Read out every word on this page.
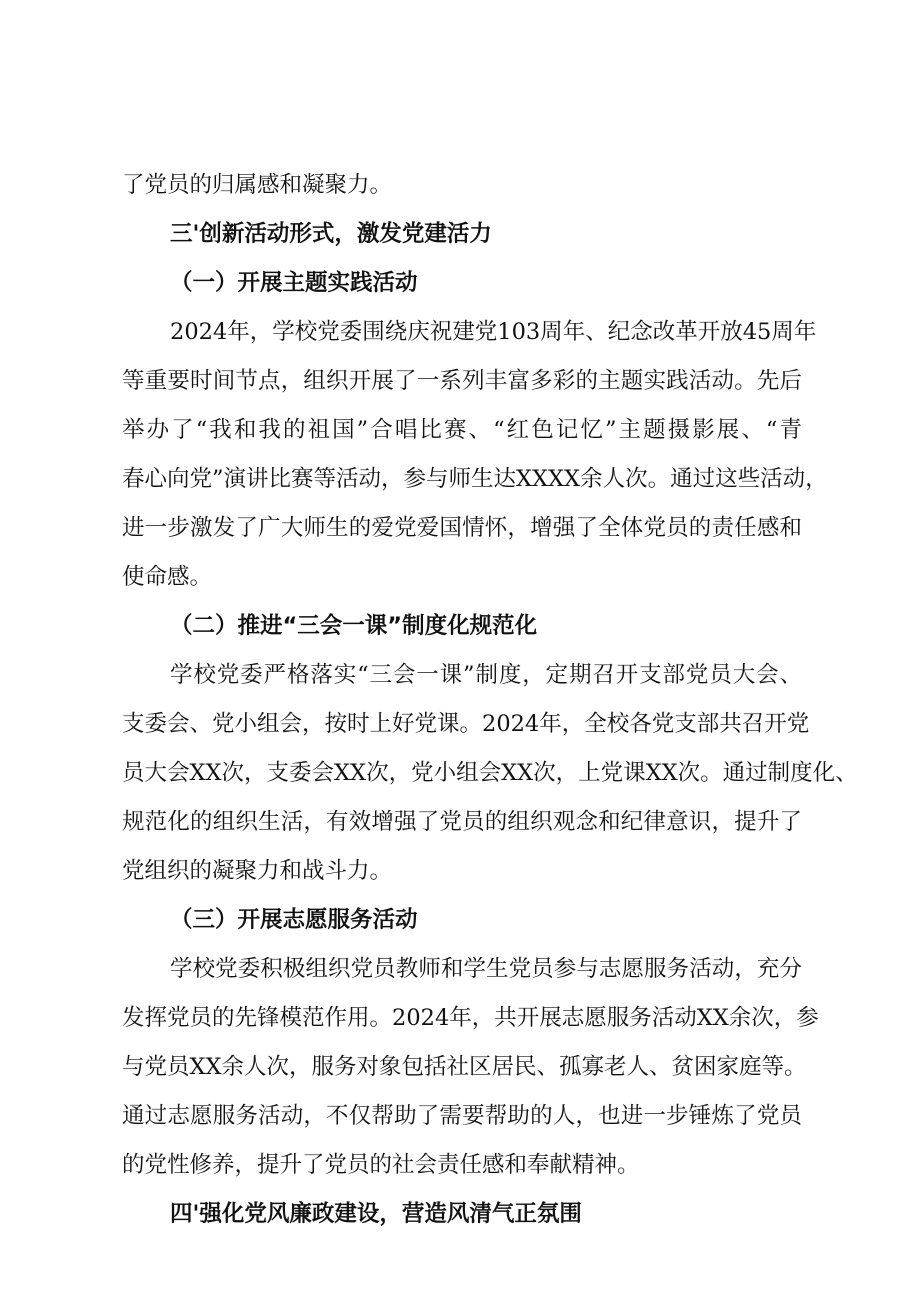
了党员的归属感和凝聚力。
三'创新活动形式，激发党建活力
（一）开展主题实践活动
2024年，学校党委围绕庆祝建党103周年、纪念改革开放45周年
等重要时间节点，组织开展了一系列丰富多彩的主题实践活动。先后
举办了“我和我的祖国”合唱比赛、“红色记忆”主题摄影展、“青
春心向党”演讲比赛等活动，参与师生达XXXX余人次。通过这些活动，
进一步激发了广大师生的爱党爱国情怀，增强了全体党员的责任感和
使命感。
（二）推进“三会一课”制度化规范化
学校党委严格落实“三会一课”制度，定期召开支部党员大会、
支委会、党小组会，按时上好党课。2024年，全校各党支部共召开党
员大会XX次，支委会XX次，党小组会XX次，上党课XX次。通过制度化、
规范化的组织生活，有效增强了党员的组织观念和纪律意识，提升了
党组织的凝聚力和战斗力。
（三）开展志愿服务活动
学校党委积极组织党员教师和学生党员参与志愿服务活动，充分
发挥党员的先锋模范作用。2024年，共开展志愿服务活动XX余次，参
与党员XX余人次，服务对象包括社区居民、孤寡老人、贫困家庭等。
通过志愿服务活动，不仅帮助了需要帮助的人，也进一步锤炼了党员
的党性修养，提升了党员的社会责任感和奉献精神。
四'强化党风廉政建设，营造风清气正氛围
